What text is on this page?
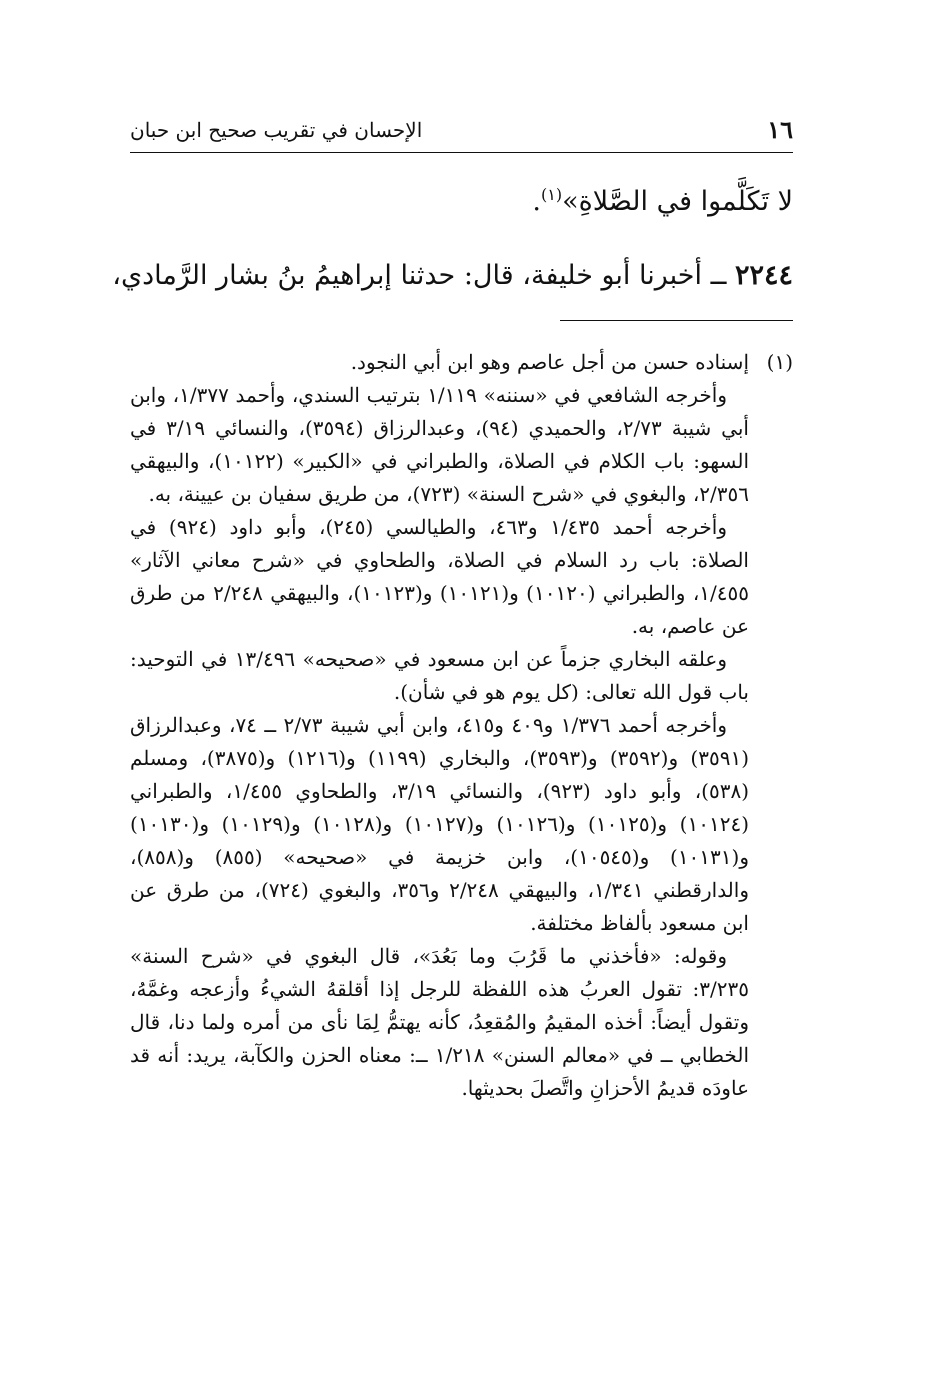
١٦
الإحسان في تقريب صحيح ابن حبان

لا تَكَلَّموا في الصَّلاةِ»$^{(١)}$.

٢٢٤٤ ــ أخبرنا أبو خليفة، قال: حدثنا إبراهيمُ بنُ بشار الرَّمادي،

(١)
إسناده حسن من أجل عاصم وهو ابن أبي النجود.

وأخرجه الشافعي في «سننه» ١/١١٩ بترتيب السندي، وأحمد ١/٣٧٧، وابن أبي شيبة ٢/٧٣، والحميدي (٩٤)، وعبدالرزاق (٣٥٩٤)، والنسائي ٣/١٩ في السهو: باب الكلام في الصلاة، والطبراني في «الكبير» (١٠١٢٢)، والبيهقي ٢/٣٥٦، والبغوي في «شرح السنة» (٧٢٣)، من طريق سفيان بن عيينة، به.

وأخرجه أحمد ١/٤٣٥ و٤٦٣، والطيالسي (٢٤٥)، وأبو داود (٩٢٤) في الصلاة: باب رد السلام في الصلاة، والطحاوي في «شرح معاني الآثار» ١/٤٥٥، والطبراني (١٠١٢٠) و(١٠١٢١) و(١٠١٢٣)، والبيهقي ٢/٢٤٨ من طرق عن عاصم، به.

وعلقه البخاري جزماً عن ابن مسعود في «صحيحه» ١٣/٤٩٦ في التوحيد: باب قول الله تعالى: (كل يوم هو في شأن).

وأخرجه أحمد ١/٣٧٦ و٤٠٩ و٤١٥، وابن أبي شيبة ٢/٧٣ ــ ٧٤، وعبدالرزاق (٣٥٩١) و(٣٥٩٢) و(٣٥٩٣)، والبخاري (١١٩٩) و(١٢١٦) و(٣٨٧٥)، ومسلم (٥٣٨)، وأبو داود (٩٢٣)، والنسائي ٣/١٩، والطحاوي ١/٤٥٥، والطبراني (١٠١٢٤) و(١٠١٢٥) و(١٠١٢٦) و(١٠١٢٧) و(١٠١٢٨) و(١٠١٢٩) و(١٠١٣٠) و(١٠١٣١) و(١٠٥٤٥)، وابن خزيمة في «صحيحه» (٨٥٥) و(٨٥٨)، والدارقطني ١/٣٤١، والبيهقي ٢/٢٤٨ و٣٥٦، والبغوي (٧٢٤)، من طرق عن ابن مسعود بألفاظ مختلفة.

وقوله: «فأخذني ما قَرُبَ وما بَعُدَ»، قال البغوي في «شرح السنة» ٣/٢٣٥: تقول العربُ هذه اللفظة للرجل إذا أقلقهُ الشيءُ وأزعجه وغمَّهُ، وتقول أيضاً: أخذه المقيمُ والمُقعِدُ، كأنه يهتمُّ لِمَا نأى من أمره ولما دنا، قال الخطابي ــ في «معالم السنن» ١/٢١٨ ــ: معناه الحزن والكآبة، يريد: أنه قد عاودَه قديمُ الأحزانِ واتَّصلَ بحديثها.
